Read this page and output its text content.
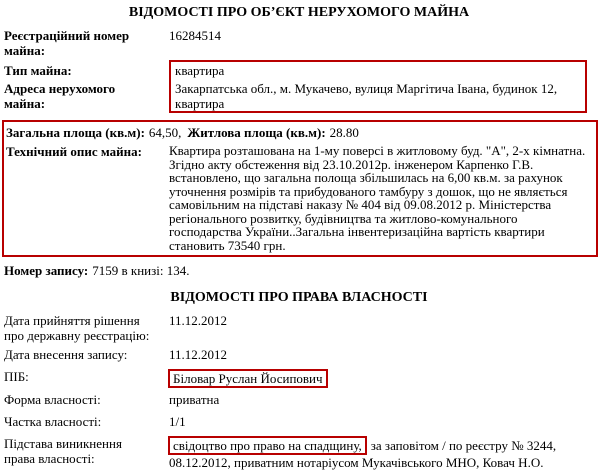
ВІДОМОСТІ ПРО ОБ’ЄКТ НЕРУХОМОГО МАЙНА
Реєстраційний номер майна:
16284514
Тип майна:	квартира
Адреса нерухомого майна:
Закарпатська обл., м. Мукачево, вулиця Маргітича Івана, будинок 12, квартира
Загальна площа (кв.м): 64,50, Житлова площа (кв.м): 28.80
Технічний опис майна:	Квартира розташована на 1-му поверсі в житловому буд. "А", 2-х кімнатна. Згідно акту обстеження від 23.10.2012р. інженером Карпенко Г.В. встановлено, що загальна полоща збільшилась на 6,00 кв.м. за рахунок уточнення розмірів та прибудованого тамбуру з дошок, що не являється самовільним на підставі наказу № 404 від 09.08.2012 р. Міністерства регіонального розвитку, будівництва та житлово-комунального господарства України..Загальна інвентеризаційна вартість квартири становить 73540 грн.
Номер запису: 7159 в книзі: 134.
ВІДОМОСТІ ПРО ПРАВА ВЛАСНОСТІ
Дата прийняття рішення про державну реєстрацію:
11.12.2012
Дата внесення запису:	11.12.2012
ПІБ:	Біловар Руслан Йосипович
Форма власності:	приватна
Частка власності:	1/1
Підстава виникнення права власності:
свідоцтво про право на спадщину, за заповітом / по реєстру № 3244, 08.12.2012, приватним нотаріусом Мукачівського МНО, Ковач Н.О.
